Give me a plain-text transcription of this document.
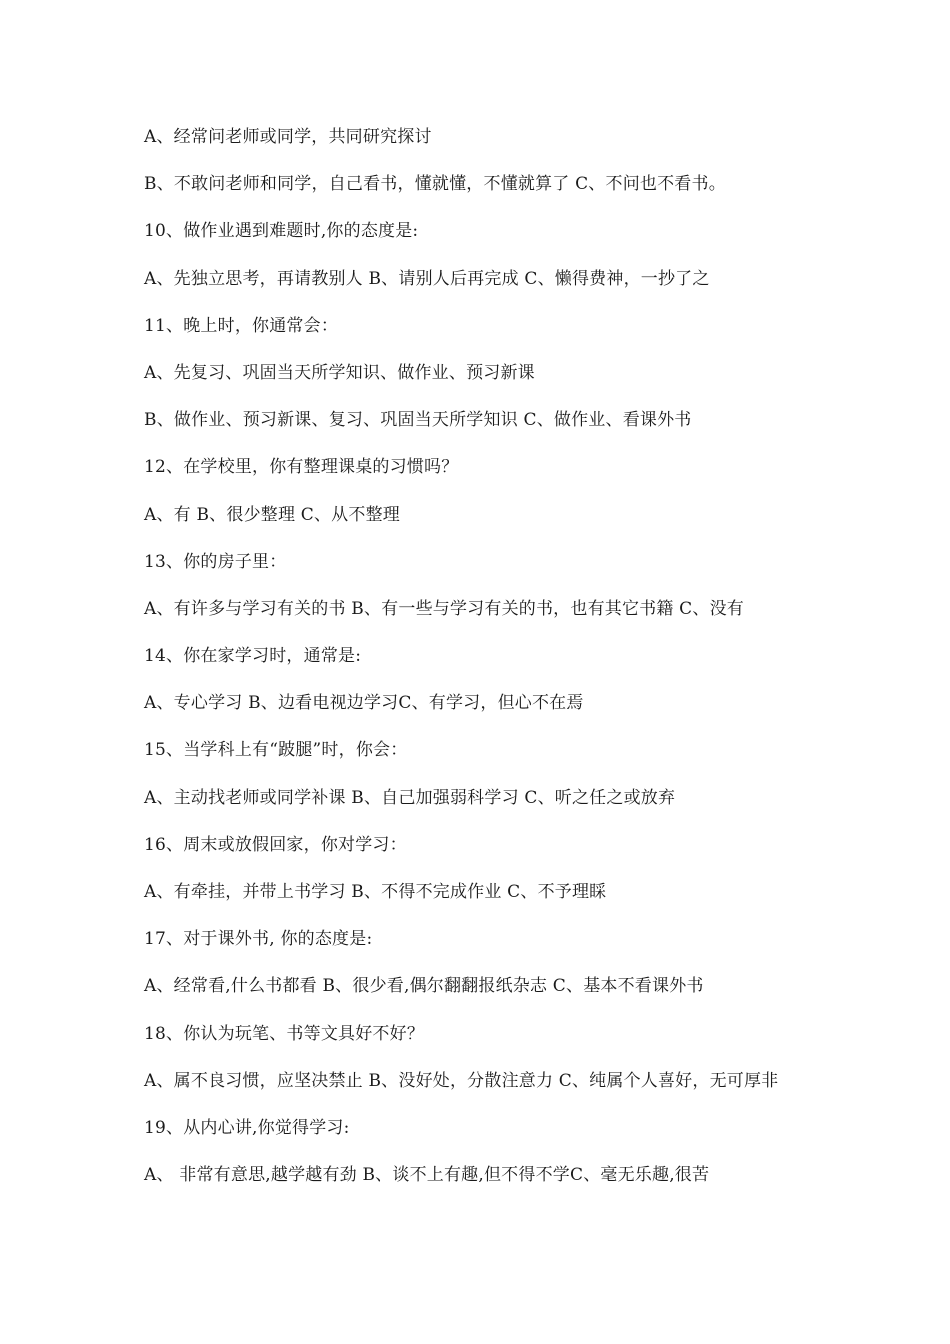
A、经常问老师或同学，共同研究探讨
B、不敢问老师和同学，自己看书，懂就懂，不懂就算了 C、不问也不看书。
10、做作业遇到难题时,你的态度是:
A、先独立思考，再请教别人 B、请别人后再完成 C、懒得费神，一抄了之
11、晚上时，你通常会：
A、先复习、巩固当天所学知识、做作业、预习新课
B、做作业、预习新课、复习、巩固当天所学知识 C、做作业、看课外书
12、在学校里，你有整理课桌的习惯吗？
A、有 B、很少整理 C、从不整理
13、你的房子里：
A、有许多与学习有关的书 B、有一些与学习有关的书，也有其它书籍 C、没有
14、你在家学习时，通常是:
A、专心学习 B、边看电视边学习C、有学习，但心不在焉
15、当学科上有“跛腿”时，你会：
A、主动找老师或同学补课 B、自己加强弱科学习 C、听之任之或放弃
16、周末或放假回家，你对学习：
A、有牵挂，并带上书学习 B、不得不完成作业 C、不予理睬
17、对于课外书, 你的态度是:
A、经常看,什么书都看 B、很少看,偶尔翻翻报纸杂志 C、基本不看课外书
18、你认为玩笔、书等文具好不好？
A、属不良习惯，应坚决禁止 B、没好处，分散注意力 C、纯属个人喜好，无可厚非
19、从内心讲,你觉得学习:
A、 非常有意思,越学越有劲 B、谈不上有趣,但不得不学C、毫无乐趣,很苦
